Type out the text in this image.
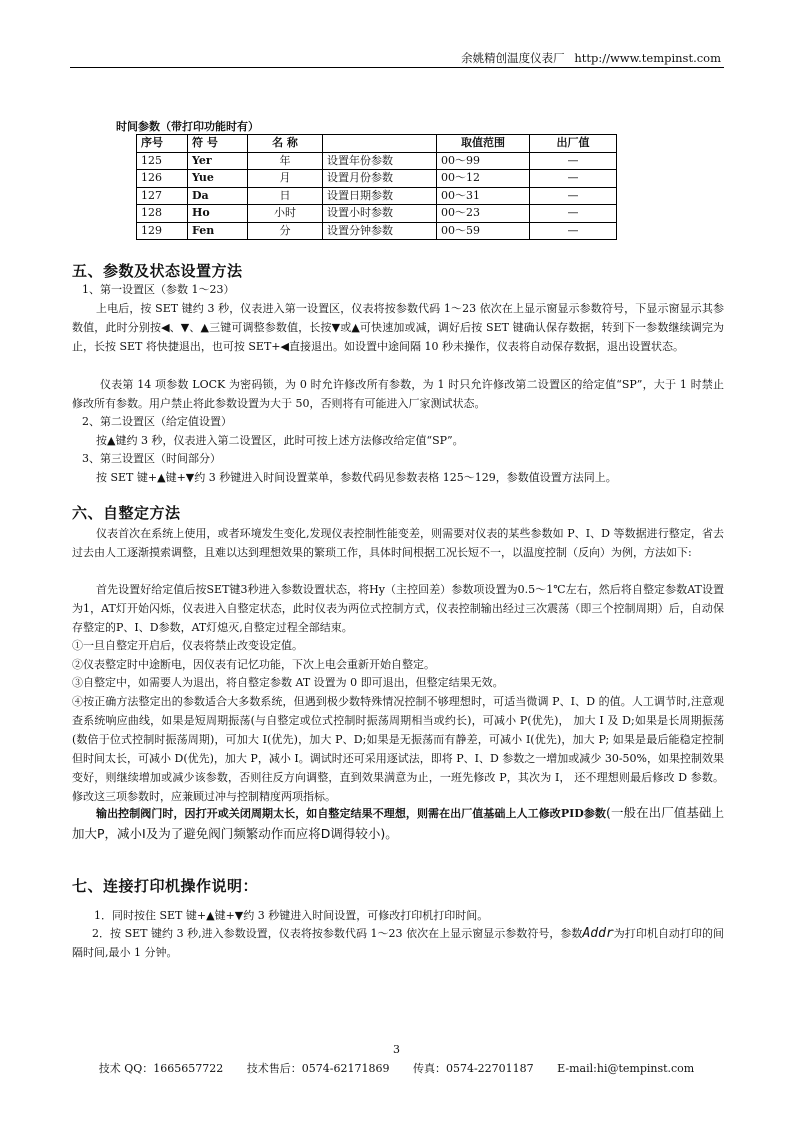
余姚精创温度仪表厂 http://www.tempinst.com
时间参数（带打印功能时有）
序号	符 号	名 称		取值范围	出厂值
125	Yer	年	设置年份参数	00～99	—
126	Yue	月	设置月份参数	00～12	—
127	Da	日	设置日期参数	00～31	—
128	Ho	小时	设置小时参数	00～23	—
129	Fen	分	设置分钟参数	00～59	—
五、参数及状态设置方法

1、第一设置区（参数 1～23）

上电后，按 SET 键约 3 秒，仪表进入第一设置区，仪表将按参数代码 1～23 依次在上显示窗显示参数符号，下显示窗显示其参数值，此时分别按◀、▼、▲三键可调整参数值，长按▼或▲可快速加或减，调好后按 SET 键确认保存数据，转到下一参数继续调完为止，长按 SET 将快捷退出，也可按 SET+◀直接退出。如设置中途间隔 10 秒未操作，仪表将自动保存数据，退出设置状态。

仪表第 14 项参数 LOCK 为密码锁，为 0 时允许修改所有参数，为 1 时只允许修改第二设置区的给定值“SP”，大于 1 时禁止修改所有参数。用户禁止将此参数设置为大于 50，否则将有可能进入厂家测试状态。

2、第二设置区（给定值设置）

按▲键约 3 秒，仪表进入第二设置区，此时可按上述方法修改给定值“SP”。

3、第三设置区（时间部分）

按 SET 键+▲键+▼约 3 秒键进入时间设置菜单，参数代码见参数表格 125～129，参数值设置方法同上。

六、自整定方法

仪表首次在系统上使用，或者环境发生变化,发现仪表控制性能变差，则需要对仪表的某些参数如 P、I、D 等数据进行整定，省去过去由人工逐渐摸索调整，且难以达到理想效果的繁琐工作，具体时间根据工况长短不一，以温度控制（反向）为例，方法如下:

首先设置好给定值后按SET键3秒进入参数设置状态，将Hy（主控回差）参数项设置为0.5～1℃左右，然后将自整定参数AT设置为1，AT灯开始闪烁，仪表进入自整定状态，此时仪表为两位式控制方式，仪表控制输出经过三次震荡（即三个控制周期）后，自动保存整定的P、I、D参数，AT灯熄灭,自整定过程全部结束。

①一旦自整定开启后，仪表将禁止改变设定值。

②仪表整定时中途断电，因仪表有记忆功能，下次上电会重新开始自整定。

③自整定中，如需要人为退出，将自整定参数 AT 设置为 0 即可退出，但整定结果无效。

④按正确方法整定出的参数适合大多数系统，但遇到极少数特殊情况控制不够理想时，可适当微调 P、I、D 的值。人工调节时,注意观查系统响应曲线，如果是短周期振荡(与自整定或位式控制时振荡周期相当或约长)，可减小 P(优先)， 加大 I 及 D;如果是长周期振荡(数倍于位式控制时振荡周期)，可加大 I(优先)，加大 P、D;如果是无振荡而有静差，可减小 I(优先)，加大 P; 如果是最后能稳定控制但时间太长，可减小 D(优先)，加大 P，减小 I。调试时还可采用逐试法，即将 P、I、D 参数之一增加或减少 30-50%，如果控制效果变好，则继续增加或减少该参数，否则往反方向调整，直到效果满意为止，一班先修改 P，其次为 I， 还不理想则最后修改 D 参数。修改这三项参数时，应兼顾过冲与控制精度两项指标。

输出控制阀门时，因打开或关闭周期太长，如自整定结果不理想，则需在出厂值基础上人工修改PID参数(一般在出厂值基础上加大P，减小I及为了避免阀门频繁动作而应将D调得较小)。

七、连接打印机操作说明：

1．同时按住 SET 键+▲键+▼约 3 秒键进入时间设置，可修改打印机打印时间。

2．按 SET 键约 3 秒,进入参数设置，仪表将按参数代码 1～23 依次在上显示窗显示参数符号，参数Addr为打印机自动打印的间隔时间,最小 1 分钟。

3
技术 QQ：1665657722 技术售后：0574-62171869 传真：0574-22701187 E-mail:hi@tempinst.com
